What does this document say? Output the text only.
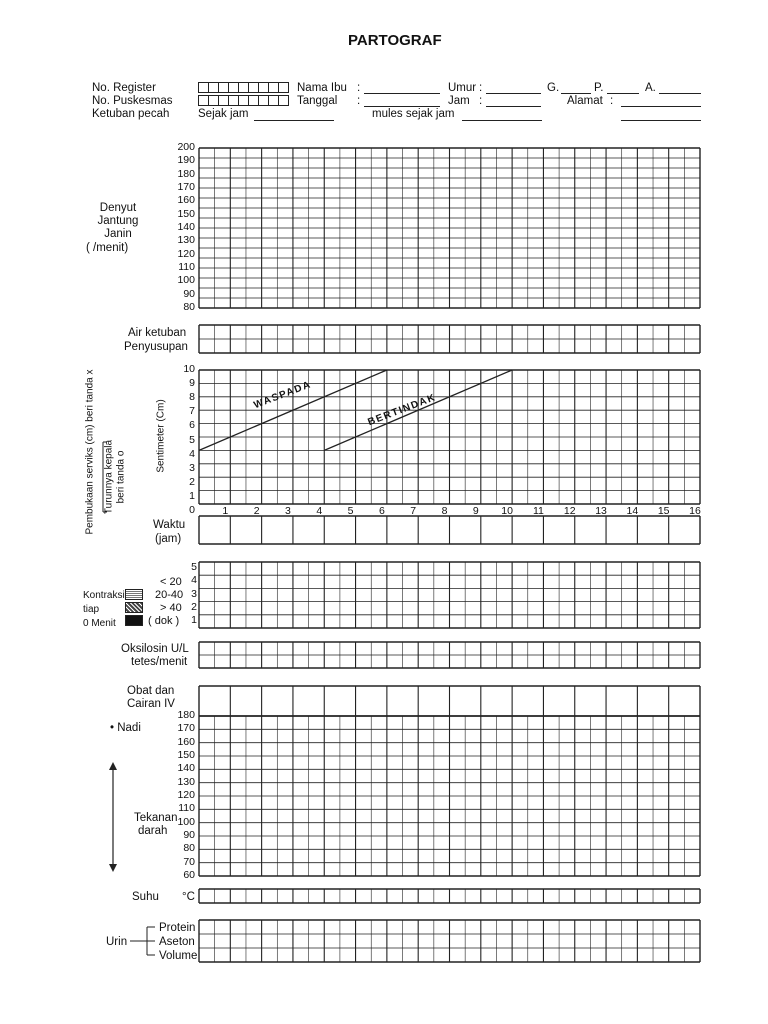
PARTOGRAF
No. Register
No. Puskesmas
Ketuban pecah Sejak jam
Nama Ibu :
Tanggal :
mules sejak jam
Umur :
Jam :
G.	P.	A.
Alamat :
Denyut
Jantung
Janin
( /menit)
200
190
180
170
160
150
140
130
120
110
100
90
80
Air ketuban
Penyusupan
Pembukaan serviks (cm) beri tanda x Turunnya kepala beri tanda o
Sentimeter (Cm)
10
9
8
7
6
5
4
3
2
1
0	1	2	3	4	5	6	7	8	9	10	11	12	13	14	15	16
Waktu
(jam)
WASPADA	BERTINDAK
5
4
3
2
1
< 20
20-40
> 40
( dok )
Kontraksi
tiap
0 Menit
Oksilosin U/L
tetes/menit
Obat dan
Cairan IV
• Nadi
Tekanan
darah
180
170
160
150
140
130
120
110
100
90
80
70
60
Suhu °C
Urin
Protein
Aseton
Volume
